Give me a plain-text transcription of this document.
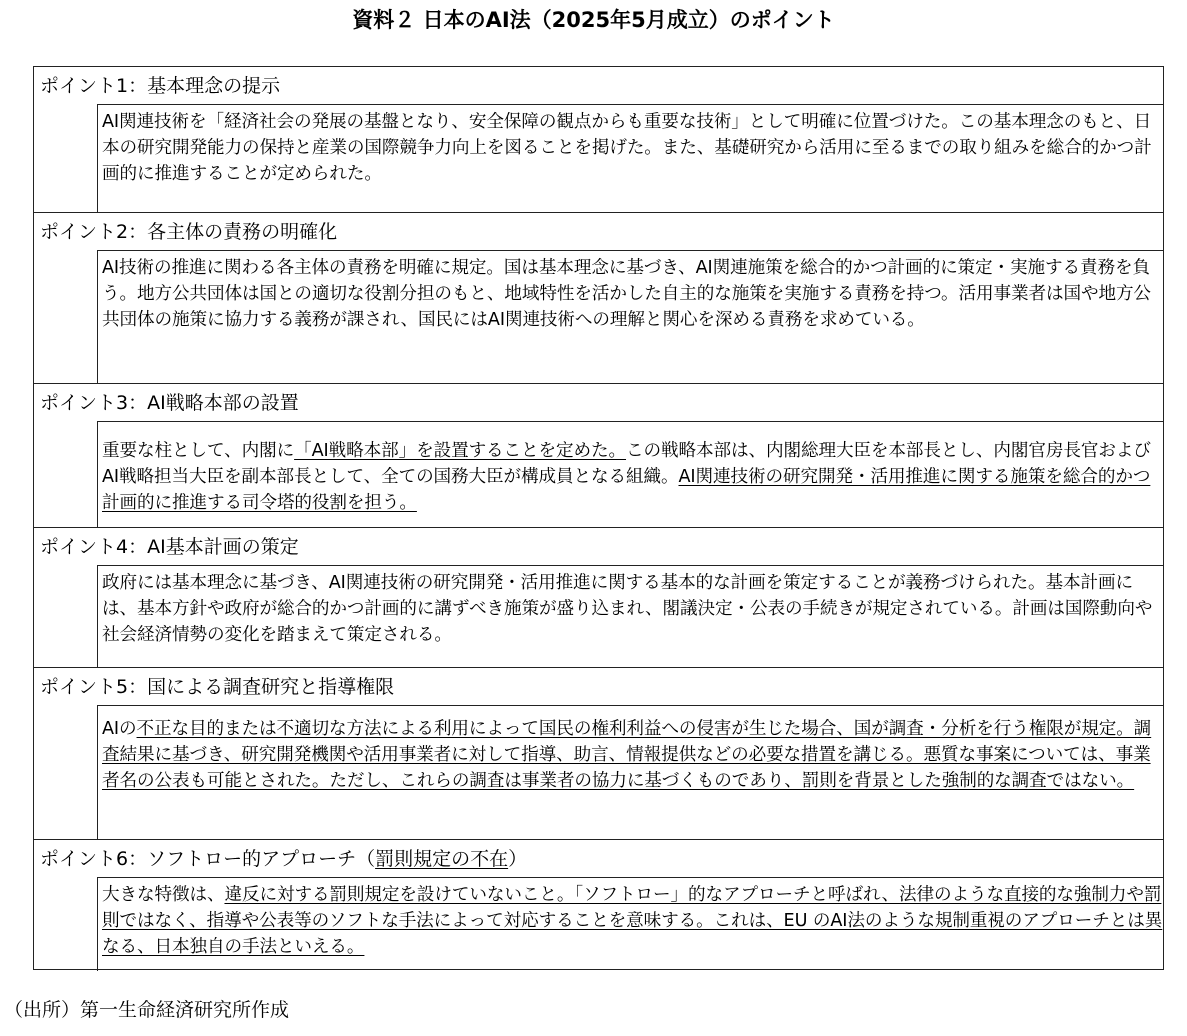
資料２ 日本のAI法（2025年5月成立）のポイント
ポイント1：基本理念の提示
AI関連技術を「経済社会の発展の基盤となり、安全保障の観点からも重要な技術」として明確に位置づけた。この基本理念のもと、日本の研究開発能力の保持と産業の国際競争力向上を図ることを掲げた。また、基礎研究から活用に至るまでの取り組みを総合的かつ計画的に推進することが定められた。
ポイント2：各主体の責務の明確化
AI技術の推進に関わる各主体の責務を明確に規定。国は基本理念に基づき、AI関連施策を総合的かつ計画的に策定・実施する責務を負う。地方公共団体は国との適切な役割分担のもと、地域特性を活かした自主的な施策を実施する責務を持つ。活用事業者は国や地方公共団体の施策に協力する義務が課され、国民にはAI関連技術への理解と関心を深める責務を求めている。
ポイント3：AI戦略本部の設置
重要な柱として、内閣に「AI戦略本部」を設置することを定めた。この戦略本部は、内閣総理大臣を本部長とし、内閣官房長官およびAI戦略担当大臣を副本部長として、全ての国務大臣が構成員となる組織。AI関連技術の研究開発・活用推進に関する施策を総合的かつ計画的に推進する司令塔的役割を担う。
ポイント4：AI基本計画の策定
政府には基本理念に基づき、AI関連技術の研究開発・活用推進に関する基本的な計画を策定することが義務づけられた。基本計画には、基本方針や政府が総合的かつ計画的に講ずべき施策が盛り込まれ、閣議決定・公表の手続きが規定されている。計画は国際動向や社会経済情勢の変化を踏まえて策定される。
ポイント5：国による調査研究と指導権限
AIの不正な目的または不適切な方法による利用によって国民の権利利益への侵害が生じた場合、国が調査・分析を行う権限が規定。調査結果に基づき、研究開発機関や活用事業者に対して指導、助言、情報提供などの必要な措置を講じる。悪質な事案については、事業者名の公表も可能とされた。ただし、これらの調査は事業者の協力に基づくものであり、罰則を背景とした強制的な調査ではない。
ポイント6：ソフトロー的アプローチ（罰則規定の不在）
大きな特徴は、違反に対する罰則規定を設けていないこと。「ソフトロー」的なアプローチと呼ばれ、法律のような直接的な強制力や罰則ではなく、指導や公表等のソフトな手法によって対応することを意味する。これは、EU のAI法のような規制重視のアプローチとは異なる、日本独自の手法といえる。
（出所）第一生命経済研究所作成
